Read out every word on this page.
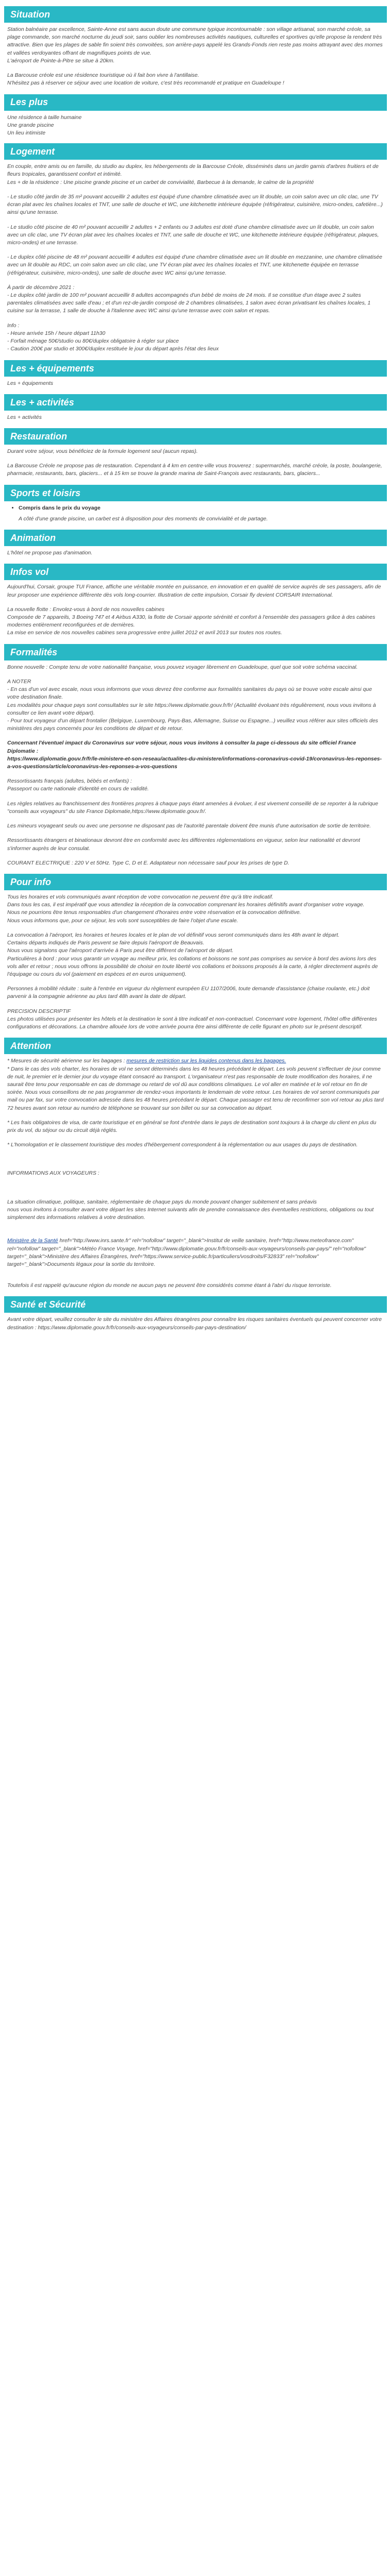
Situation

Station balnéaire par excellence, Sainte-Anne est sans aucun doute une commune typique incontournable : son village artisanal, son marché créole, sa plage commande, son marché nocturne du jeudi soir, sans oublier les nombreuses activités nautiques, culturelles et sportives qu'elle propose la rendent très attractive. Bien que les plages de sable fin soient très convoitées, son arrière-pays appelé les Grands-Fonds rien reste pas moins attrayant avec des mornes et vallées verdoyantes offrant de magnifiques points de vue.
L'aéroport de Pointe-à-Pitre se situe à 20km.

La Barcouse créole est une résidence touristique où il fait bon vivre à l'antillaise.
N'hésitez pas à réserver ce séjour avec une location de voiture, c'est très recommandé et pratique en Guadeloupe !

Les plus
Une résidence à taille humaine
Une grande piscine
Un lieu intimiste
Logement

En couple, entre amis ou en famille, du studio au duplex, les hébergements de la Barcouse Créole, disséminés dans un jardin garnis d'arbres fruitiers et de fleurs tropicales, garantissent confort et intimité.
Les + de la résidence : Une piscine grande piscine et un carbet de convivialité, Barbecue à la demande, le calme de la propriété

- Le studio côté jardin de 35 m² pouvant accueillir 2 adultes est équipé d'une chambre climatisée avec un lit double, un coin salon avec un clic clac, une TV écran plat avec les chaînes locales et TNT, une salle de douche et WC, une kitchenette intérieure équipée (réfrigérateur, cuisinière, micro-ondes, cafetière...) ainsi qu'une terrasse.

- Le studio côté piscine de 40 m² pouvant accueillir 2 adultes + 2 enfants ou 3 adultes est doté d'une chambre climatisée avec un lit double, un coin salon avec un clic clac, une TV écran plat avec les chaînes locales et TNT, une salle de douche et WC, une kitchenette intérieure équipée (réfrigérateur, plaques, micro-ondes) et une terrasse.

- Le duplex côté piscine de 48 m² pouvant accueillir 4 adultes est équipé d'une chambre climatisée avec un lit double en mezzanine, une chambre climatisée avec un lit double au RDC, un coin salon avec un clic clac, une TV écran plat avec les chaînes locales et TNT, une kitchenette équipée en terrasse (réfrigérateur, cuisinière, micro-ondes), une salle de douche avec WC ainsi qu'une terrasse.

À partir de décembre 2021 :
- Le duplex côté jardin de 100 m² pouvant accueillir 8 adultes accompagnés d'un bébé de moins de 24 mois. Il se constitue d'un étage avec 2 suites parentales climatisées avec salle d'eau ; et d'un rez-de-jardin composé de 2 chambres climatisées, 1 salon avec écran privatisant les chaînes locales, 1 cuisine sur la terrasse, 1 salle de douche à l'italienne avec WC ainsi qu'une terrasse avec coin salon et repas.

Info :
- Heure arrivée 15h / heure départ 11h30
- Forfait ménage 50€/studio ou 80€/duplex obligatoire à régler sur place
- Caution 200€ par studio et 300€/duplex restituée le jour du départ après l'état des lieux

Les + équipements

Les + équipements

Les + activités

Les + activités

Restauration

Durant votre séjour, vous bénéficiez de la formule logement seul (aucun repas).

La Barcouse Créole ne propose pas de restauration. Cependant à 4 km en centre-ville vous trouverez : supermarchés, marché créole, la poste, boulangerie, pharmacie, restaurants, bars, glaciers... et à 15 km se trouve la grande marina de Saint-François avec restaurants, bars, glaciers...

Sports et loisirs
• Compris dans le prix du voyage

A côté d'une grande piscine, un carbet est à disposition pour des moments de convivialité et de partage.

Animation

L'hôtel ne propose pas d'animation.

Infos vol

Aujourd'hui, Corsair, groupe TUI France, affiche une véritable montée en puissance, en innovation et en qualité de service auprès de ses passagers, afin de leur proposer une expérience différente dès vols long-courrier. Illustration de cette impulsion, Corsair fly devient CORSAIR International.

La nouvelle flotte : Envolez-vous à bord de nos nouvelles cabines
Composée de 7 appareils, 3 Boeing 747 et 4 Airbus A330, la flotte de Corsair apporte sérénité et confort à l'ensemble des passagers grâce à des cabines modernes entièrement reconfigurées et de dernières.
La mise en service de nos nouvelles cabines sera progressive entre juillet 2012 et avril 2013 sur toutes nos routes.

Formalités

Bonne nouvelle : Compte tenu de votre nationalité française, vous pouvez voyager librement en Guadeloupe, quel que soit votre schéma vaccinal.

A NOTER
- En cas d'un vol avec escale, nous vous informons que vous devrez être conforme aux formalités sanitaires du pays où se trouve votre escale ainsi que votre destination finale.
Les modalités pour chaque pays sont consultables sur le site https://www.diplomatie.gouv.fr/fr/ (Actualité évoluant très régulièrement, nous vous invitons à consulter ce lien avant votre départ).
- Pour tout voyageur d'un départ frontalier (Belgique, Luxembourg, Pays-Bas, Allemagne, Suisse ou Espagne...) veuillez vous référer aux sites officiels des ministères des pays concernés pour les conditions de départ et de retour.

Concernant l'éventuel impact du Coronavirus sur votre séjour, nous vous invitons à consulter la page ci-dessous du site officiel France Diplomatie :
https://www.diplomatie.gouv.fr/fr/le-ministere-et-son-reseau/actualites-du-ministere/informations-coronavirus-covid-19/coronavirus-les-reponses-a-vos-questions/article/coronavirus-les-reponses-a-vos-questions

Ressortissants français (adultes, bébés et enfants) :
Passeport ou carte nationale d'identité en cours de validité.

Les règles relatives au franchissement des frontières propres à chaque pays étant amenées à évoluer, il est vivement conseillé de se reporter à la rubrique "conseils aux voyageurs" du site France Diplomatie,https://www.diplomatie.gouv.fr/.

Les mineurs voyageant seuls ou avec une personne ne disposant pas de l'autorité parentale doivent être munis d'une autorisation de sortie de territoire.

Ressortissants étrangers et binationaux devront être en conformité avec les différentes réglementations en vigueur, selon leur nationalité et devront s'informer auprès de leur consulat.

COURANT ELECTRIQUE : 220 V et 50Hz. Type C, D et E. Adaptateur non nécessaire sauf pour les prises de type D.

Pour info

Tous les horaires et vols communiqués avant réception de votre convocation ne peuvent être qu'à titre indicatif.
Dans tous les cas, il est impératif que vous attendiez la réception de la convocation comprenant les horaires définitifs avant d'organiser votre voyage.
Nous ne pourrions être tenus responsables d'un changement d'horaires entre votre réservation et la convocation définitive.
Nous vous informons que, pour ce séjour, les vols sont susceptibles de faire l'objet d'une escale.

La convocation à l'aéroport, les horaires et heures locales et le plan de vol définitif vous seront communiqués dans les 48h avant le départ.
Certains départs indiqués de Paris peuvent se faire depuis l'aéroport de Beauvais.
Nous vous signalons que l'aéroport d'arrivée à Paris peut être différent de l'aéroport de départ.
Particulières à bord : pour vous garantir un voyage au meilleur prix, les collations et boissons ne sont pas comprises au service à bord des avions lors des vols aller et retour ; nous vous offrons la possibilité de choisir en toute liberté vos collations et boissons proposés à la carte, à régler directement auprès de l'équipage ou cours du vol (paiement en espèces et en euros uniquement).

Personnes à mobilité réduite : suite à l'entrée en vigueur du règlement européen EU 1107/2006, toute demande d'assistance (chaise roulante, etc.) doit parvenir à la compagnie aérienne au plus tard 48h avant la date de départ.

PRECISION DESCRIPTIF
Les photos utilisées pour présenter les hôtels et la destination le sont à titre indicatif et non-contractuel. Concernant votre logement, l'hôtel offre différentes configurations et décorations. La chambre allouée lors de votre arrivée pourra être ainsi différente de celle figurant en photo sur le présent descriptif.

Attention

* Mesures de sécurité aérienne sur les bagages : mesures de restriction sur les liquides contenus dans les bagages.
* Dans le cas des vols charter, les horaires de vol ne seront déterminés dans les 48 heures précédant le départ. Les vols peuvent s'effectuer de jour comme de nuit, le premier et le dernier jour du voyage étant consacré au transport. L'organisateur n'est pas responsable de toute modification des horaires, il ne saurait être tenu pour responsable en cas de dommage ou retard de vol dû aux conditions climatiques. Le vol aller en matinée et le vol retour en fin de soirée. Nous vous conseillons de ne pas programmer de rendez-vous importants le lendemain de votre retour. Les horaires de vol seront communiqués par mail ou par fax, sur votre convocation adressée dans les 48 heures précédant le départ. Chaque passager est tenu de reconfirmer son vol retour au plus tard 72 heures avant son retour au numéro de téléphone se trouvant sur son billet ou sur sa convocation au départ.

* Les frais obligatoires de visa, de carte touristique et en général se font d'entrée dans le pays de destination sont toujours à la charge du client en plus du prix du vol, du séjour ou du circuit déjà réglés.

* L'homologation et le classement touristique des modes d'hébergement correspondent à la réglementation ou aux usages du pays de destination.

INFORMATIONS AUX VOYAGEURS :

La situation climatique, politique, sanitaire, réglementaire de chaque pays du monde pouvant changer subitement et sans préavis
nous vous invitons à consulter avant votre départ les sites Internet suivants afin de prendre connaissance des éventuelles restrictions, obligations ou tout simplement des informations relatives à votre destination.

Ministère de la Santé href="http://www.inrs.sante.fr" rel="nofollow" target="_blank">Institut de veille sanitaire, href="http://www.meteofrance.com" rel="nofollow" target="_blank">Météo France Voyage, href="http://www.diplomatie.gouv.fr/fr/conseils-aux-voyageurs/conseils-par-pays/" rel="nofollow" target="_blank">Ministère des Affaires Étrangères, href="https://www.service-public.fr/particuliers/vosdroits/F32833" rel="nofollow" target="_blank">Documents légaux pour la sortie du territoire.

Toutefois il est rappelé qu'aucune région du monde ne aucun pays ne peuvent être considérés comme étant à l'abri du risque terroriste.

Santé et Sécurité

Avant votre départ, veuillez consulter le site du ministère des Affaires étrangères pour connaître les risques sanitaires éventuels qui peuvent concerner votre destination : https://www.diplomatie.gouv.fr/fr/conseils-aux-voyageurs/conseils-par-pays-destination/
